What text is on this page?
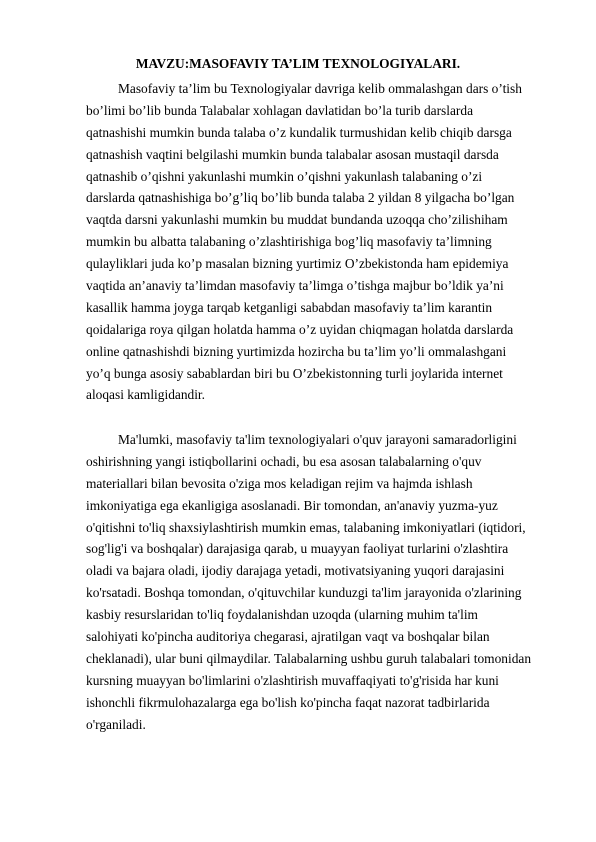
MAVZU:MASOFAVIY TA’LIM TEXNOLOGIYALARI.
Masofaviy ta’lim bu Texnologiyalar davriga kelib ommalashgan dars o’tish
bo’limi bo’lib bunda Talabalar xohlagan davlatidan bo’la turib darslarda
qatnashishi mumkin bunda talaba o’z kundalik turmushidan kelib chiqib darsga
qatnashish vaqtini belgilashi mumkin bunda talabalar asosan mustaqil darsda
qatnashib o’qishni yakunlashi mumkin o’qishni yakunlash talabaning o’zi
darslarda qatnashishiga bo’g’liq bo’lib bunda talaba 2 yildan 8 yilgacha bo’lgan
vaqtda darsni yakunlashi mumkin bu muddat bundanda uzoqqa cho’zilishiham
mumkin bu albatta talabaning o’zlashtirishiga bog’liq masofaviy ta’limning
qulayliklari juda ko’p masalan bizning yurtimiz O’zbekistonda ham epidemiya
vaqtida an’anaviy ta’limdan masofaviy ta’limga o’tishga majbur bo’ldik ya’ni
kasallik hamma joyga tarqab ketganligi sababdan masofaviy ta’lim karantin
qoidalariga roya qilgan holatda hamma o’z uyidan chiqmagan holatda darslarda
online qatnashishdi bizning yurtimizda hozircha bu ta’lim yo’li ommalashgani
yo’q bunga asosiy sabablardan biri bu O’zbekistonning turli joylarida internet
aloqasi kamligidandir.
Ma'lumki, masofaviy ta'lim texnologiyalari o'quv jarayoni samaradorligini
oshirishning yangi istiqbollarini ochadi, bu esa asosan talabalarning o'quv
materiallari bilan bevosita o'ziga mos keladigan rejim va hajmda ishlash
imkoniyatiga ega ekanligiga asoslanadi. Bir tomondan, an'anaviy yuzma-yuz
o'qitishni to'liq shaxsiylashtirish mumkin emas, talabaning imkoniyatlari (iqtidori,
sog'lig'i va boshqalar) darajasiga qarab, u muayyan faoliyat turlarini o'zlashtira
oladi va bajara oladi, ijodiy darajaga yetadi, motivatsiyaning yuqori darajasini
ko'rsatadi. Boshqa tomondan, o'qituvchilar kunduzgi ta'lim jarayonida o'zlarining
kasbiy resurslaridan to'liq foydalanishdan uzoqda (ularning muhim ta'lim
salohiyati ko'pincha auditoriya chegarasi, ajratilgan vaqt va boshqalar bilan
cheklanadi), ular buni qilmaydilar. Talabalarning ushbu guruh talabalari tomonidan
kursning muayyan bo'limlarini o'zlashtirish muvaffaqiyati to'g'risida har kuni
ishonchli fikrmulohazalarga ega bo'lish ko'pincha faqat nazorat tadbirlarida
o'rganiladi.
